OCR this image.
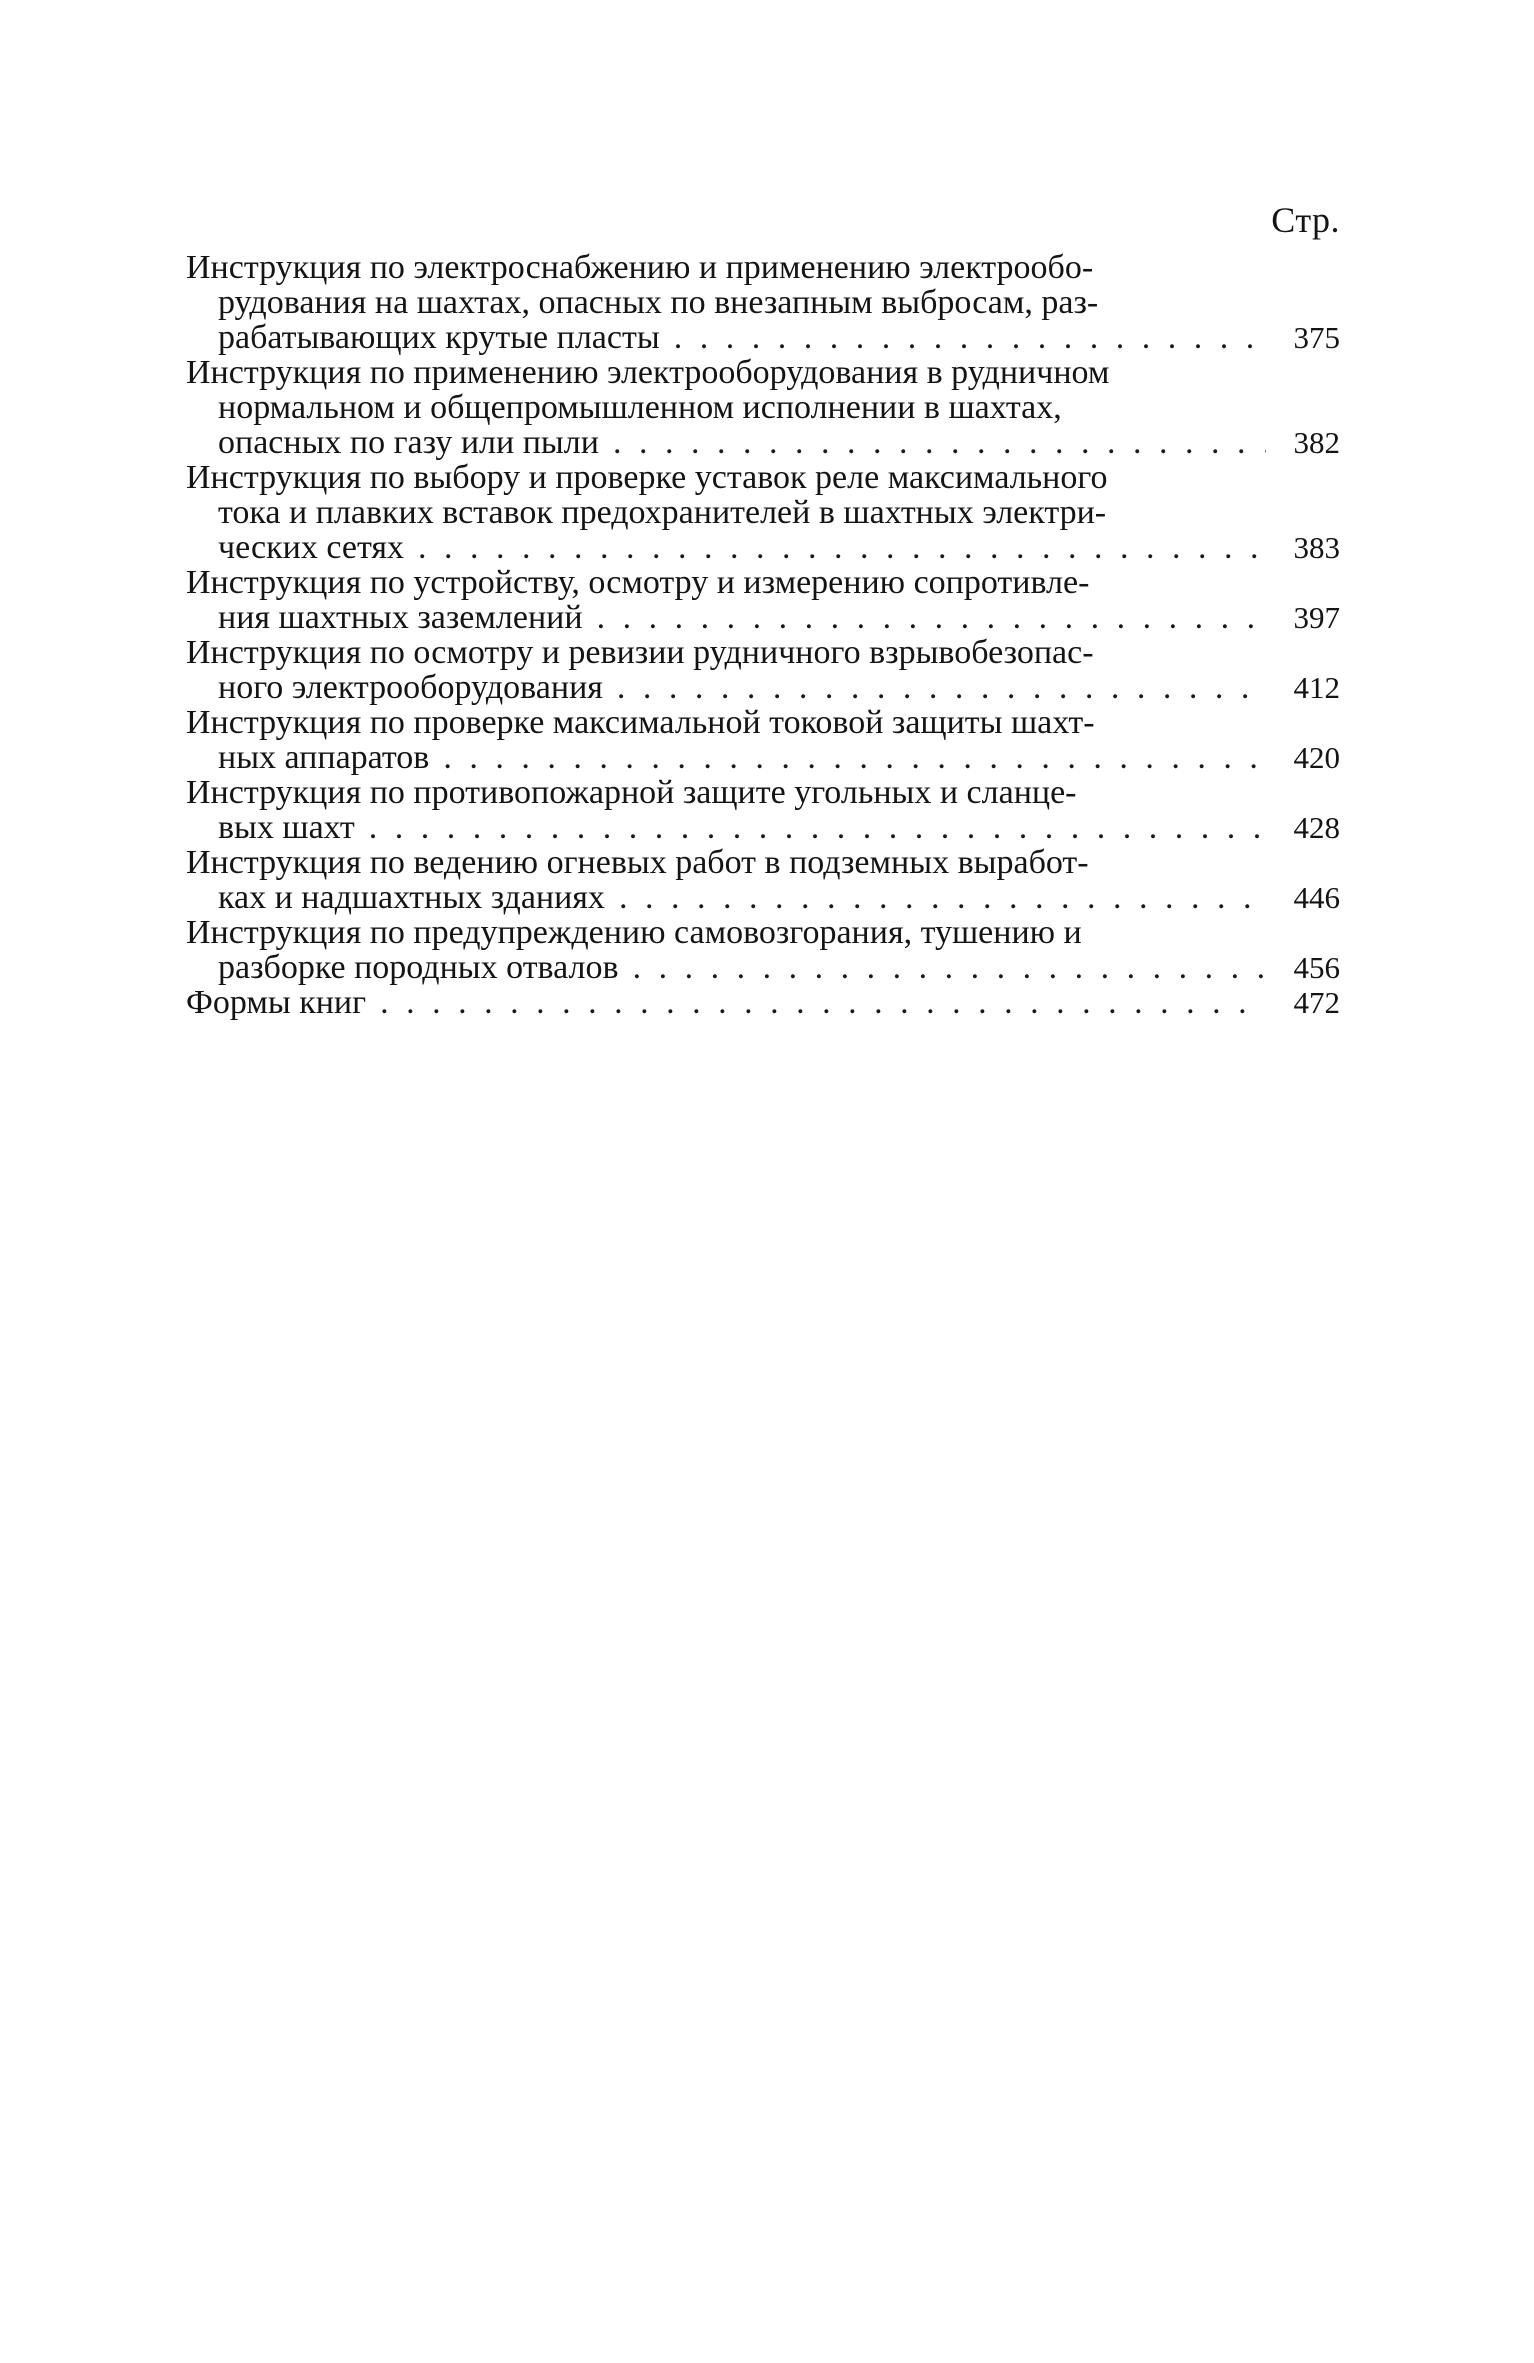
Стр.
Инструкция по электроснабжению и применению электрообо-
рудования на шахтах, опасных по внезапным выбросам, раз-
рабатывающих крутые пласты . . .	375
Инструкция по применению электрооборудования в рудничном
нормальном и общепромышленном исполнении в шахтах,
опасных по газу или пыли . . .	382
Инструкция по выбору и проверке уставок реле максимального
тока и плавких вставок предохранителей в шахтных электри-
ческих сетях . . .	383
Инструкция по устройству, осмотру и измерению сопротивле-
ния шахтных заземлений . . .	397
Инструкция по осмотру и ревизии рудничного взрывобезопас-
ного электрооборудования . . .	412
Инструкция по проверке максимальной токовой защиты шахт-
ных аппаратов . . .	420
Инструкция по противопожарной защите угольных и сланце-
вых шахт . . .	428
Инструкция по ведению огневых работ в подземных выработ-
ках и надшахтных зданиях . . .	446
Инструкция по предупреждению самовозгорания, тушению и
разборке породных отвалов . . .	456
Формы книг . . .	472
